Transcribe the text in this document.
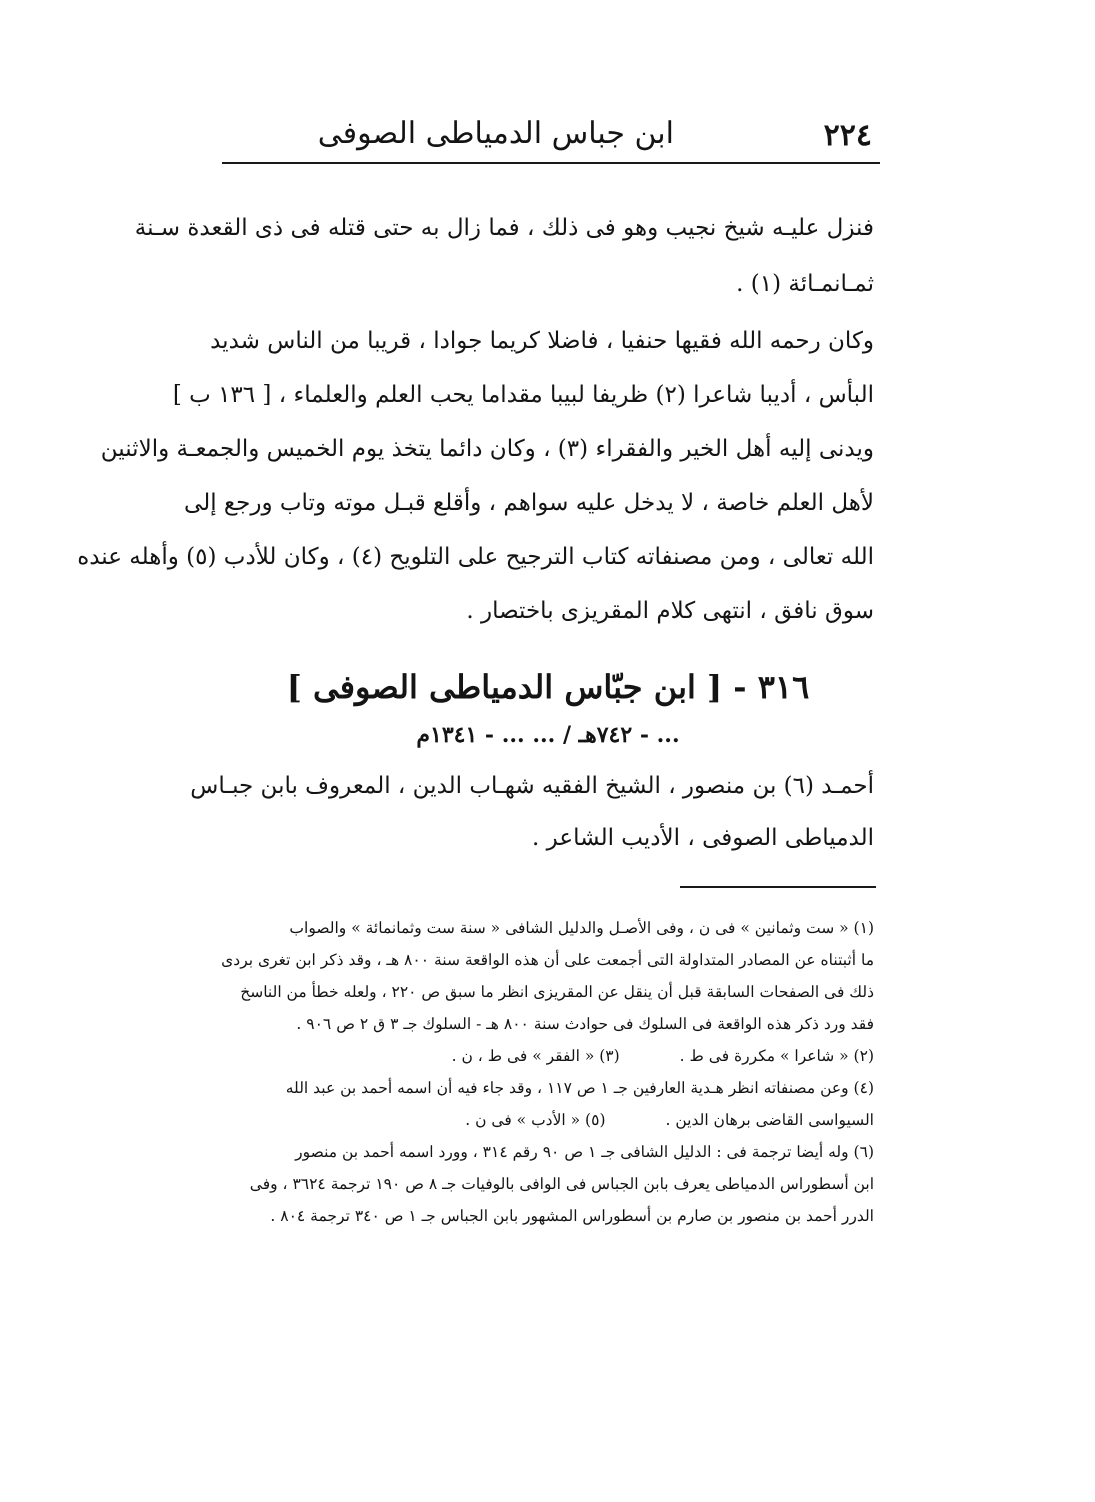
٢٢٤
ابن جباس الدمياطى الصوفى
فنزل عليـه شيخ نجيب وهو فى ذلك ، فما زال به حتى قتله فى ذى القعدة سـنة
ثمـانمـائة (١) .
وكان رحمه الله فقيها حنفيا ، فاضلا كريما جوادا ، قريبا من الناس شديد
البأس ، أديبا شاعرا (٢) ظريفا لبيبا مقداما يحب العلم والعلماء ، [ ١٣٦ ب ]
ويدنى إليه أهل الخير والفقراء (٣) ، وكان دائما يتخذ يوم الخميس والجمعـة والاثنين
لأهل العلم خاصة ، لا يدخل عليه سواهم ، وأقلع قبـل موته وتاب ورجع إلى
الله تعالى ، ومن مصنفاته كتاب الترجيح على التلويح (٤) ، وكان للأدب (٥) وأهله عنده
سوق نافق ، انتهى كلام المقريزى باختصار .
٣١٦ - [ ابن جبّاس الدمياطى الصوفى ]
... - ٧٤٢هـ / ... ... - ١٣٤١م
أحمـد (٦) بن منصور ، الشيخ الفقيه شهـاب الدين ، المعروف بابن جبـاس
الدمياطى الصوفى ، الأديب الشاعر .
(١) « ست وثمانين » فى ن ، وفى الأصـل والدليل الشافى « سنة ست وثمانمائة » والصواب
ما أثبتناه عن المصادر المتداولة التى أجمعت على أن هذه الواقعة سنة ٨٠٠ هـ ، وقد ذكر ابن تغرى بردى
ذلك فى الصفحات السابقة قبل أن ينقل عن المقريزى انظر ما سبق ص ٢٢٠ ، ولعله خطأ من الناسخ
فقد ورد ذكر هذه الواقعة فى السلوك فى حوادث سنة ٨٠٠ هـ - السلوك جـ ٣ ق ٢ ص ٩٠٦ .
(٢) « شاعرا » مكررة فى ط .(٣) « الفقر » فى ط ، ن .
(٤) وعن مصنفاته انظر هـدية العارفين جـ ١ ص ١١٧ ، وقد جاء فيه أن اسمه أحمد بن عبد الله
السيواسى القاضى برهان الدين .(٥) « الأدب » فى ن .
(٦) وله أيضا ترجمة فى : الدليل الشافى جـ ١ ص ٩٠ رقم ٣١٤ ، وورد اسمه أحمد بن منصور
ابن أسطوراس الدمياطى يعرف بابن الجباس فى الوافى بالوفيات جـ ٨ ص ١٩٠ ترجمة ٣٦٢٤ ، وفى
الدرر أحمد بن منصور بن صارم بن أسطوراس المشهور بابن الجباس جـ ١ ص ٣٤٠ ترجمة ٨٠٤ .
